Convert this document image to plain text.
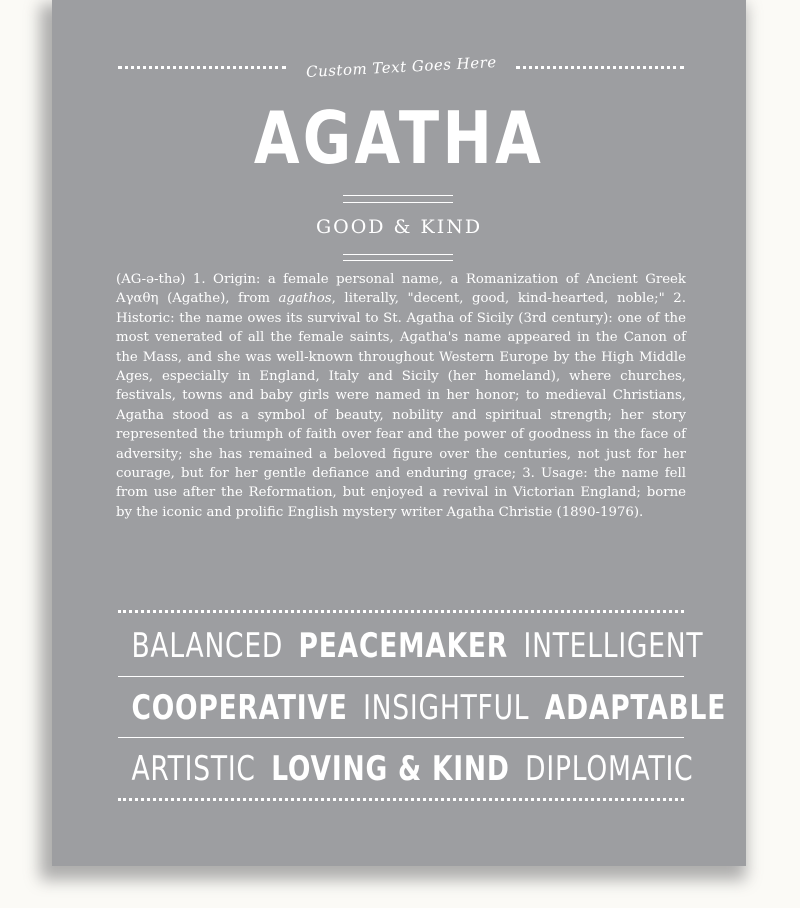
Custom Text Goes Here
AGATHA
GOOD & KIND
(AG-ə-thə) 1. Origin: a female personal name, a Romanization of Ancient Greek Αγαθη (Agathe), from agathos, literally, "decent, good, kind-hearted, noble;" 2. Historic: the name owes its survival to St. Agatha of Sicily (3rd century): one of the most venerated of all the female saints, Agatha's name appeared in the Canon of the Mass, and she was well-known throughout Western Europe by the High Middle Ages, especially in England, Italy and Sicily (her homeland), where churches, festivals, towns and baby girls were named in her honor; to medieval Christians, Agatha stood as a symbol of beauty, nobility and spiritual strength; her story represented the triumph of faith over fear and the power of goodness in the face of adversity; she has remained a beloved figure over the centuries, not just for her courage, but for her gentle defiance and enduring grace; 3. Usage: the name fell from use after the Reformation, but enjoyed a revival in Victorian England; borne by the iconic and prolific English mystery writer Agatha Christie (1890-1976).
BALANCED PEACEMAKER INTELLIGENT
COOPERATIVE INSIGHTFUL ADAPTABLE
ARTISTIC LOVING & KIND DIPLOMATIC
